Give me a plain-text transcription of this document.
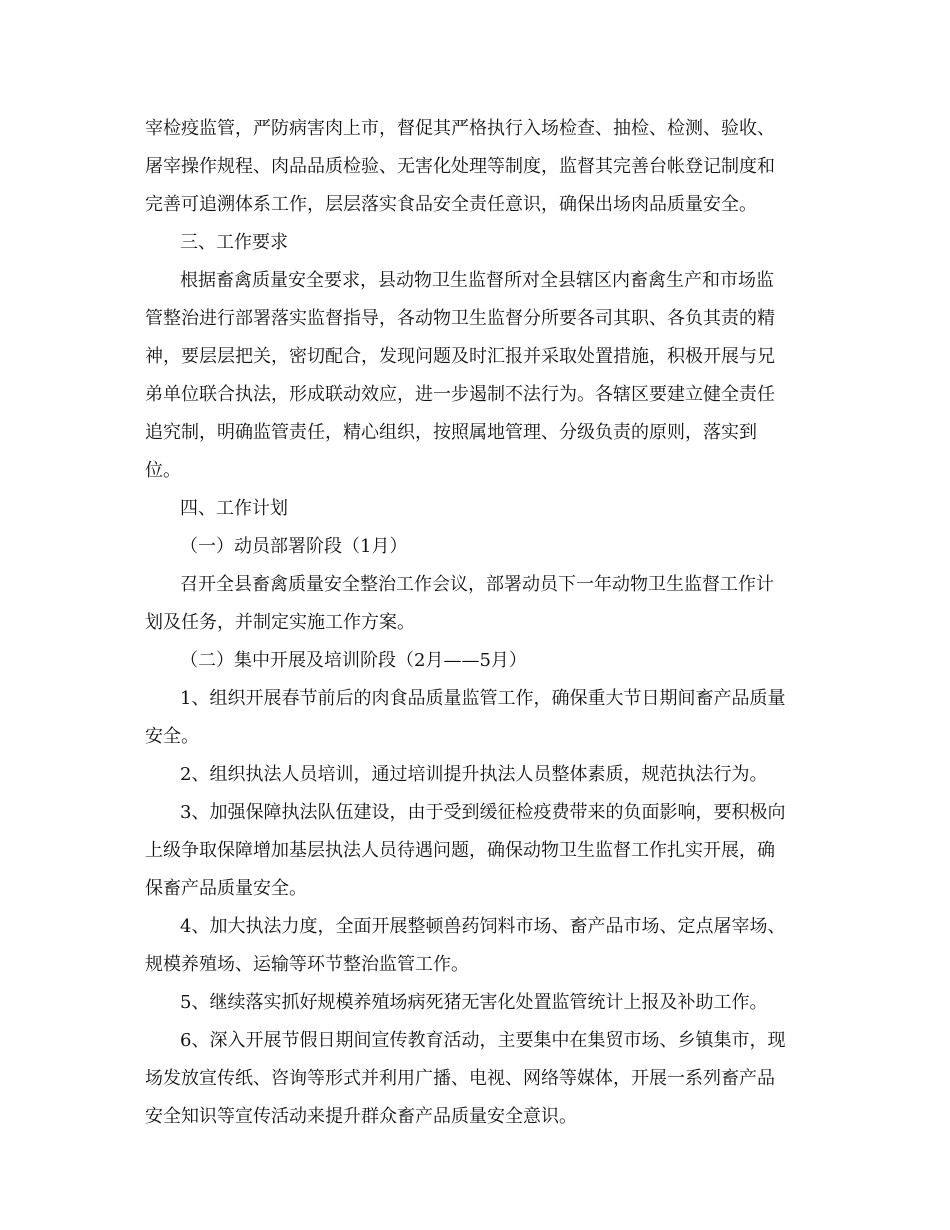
宰检疫监管，严防病害肉上市，督促其严格执行入场检查、抽检、检测、验收、

屠宰操作规程、肉品品质检验、无害化处理等制度，监督其完善台帐登记制度和

完善可追溯体系工作，层层落实食品安全责任意识，确保出场肉品质量安全。

三、工作要求

根据畜禽质量安全要求，县动物卫生监督所对全县辖区内畜禽生产和市场监

管整治进行部署落实监督指导，各动物卫生监督分所要各司其职、各负其责的精

神，要层层把关，密切配合，发现问题及时汇报并采取处置措施，积极开展与兄

弟单位联合执法，形成联动效应，进一步遏制不法行为。各辖区要建立健全责任

追究制，明确监管责任，精心组织，按照属地管理、分级负责的原则，落实到

位。

四、工作计划

（一）动员部署阶段（1月）

召开全县畜禽质量安全整治工作会议，部署动员下一年动物卫生监督工作计

划及任务，并制定实施工作方案。

（二）集中开展及培训阶段（2月——5月）

1、组织开展春节前后的肉食品质量监管工作，确保重大节日期间畜产品质量

安全。

2、组织执法人员培训，通过培训提升执法人员整体素质，规范执法行为。

3、加强保障执法队伍建设，由于受到缓征检疫费带来的负面影响，要积极向

上级争取保障增加基层执法人员待遇问题，确保动物卫生监督工作扎实开展，确

保畜产品质量安全。

4、加大执法力度，全面开展整顿兽药饲料市场、畜产品市场、定点屠宰场、

规模养殖场、运输等环节整治监管工作。

5、继续落实抓好规模养殖场病死猪无害化处置监管统计上报及补助工作。

6、深入开展节假日期间宣传教育活动，主要集中在集贸市场、乡镇集市，现

场发放宣传纸、咨询等形式并利用广播、电视、网络等媒体，开展一系列畜产品

安全知识等宣传活动来提升群众畜产品质量安全意识。
